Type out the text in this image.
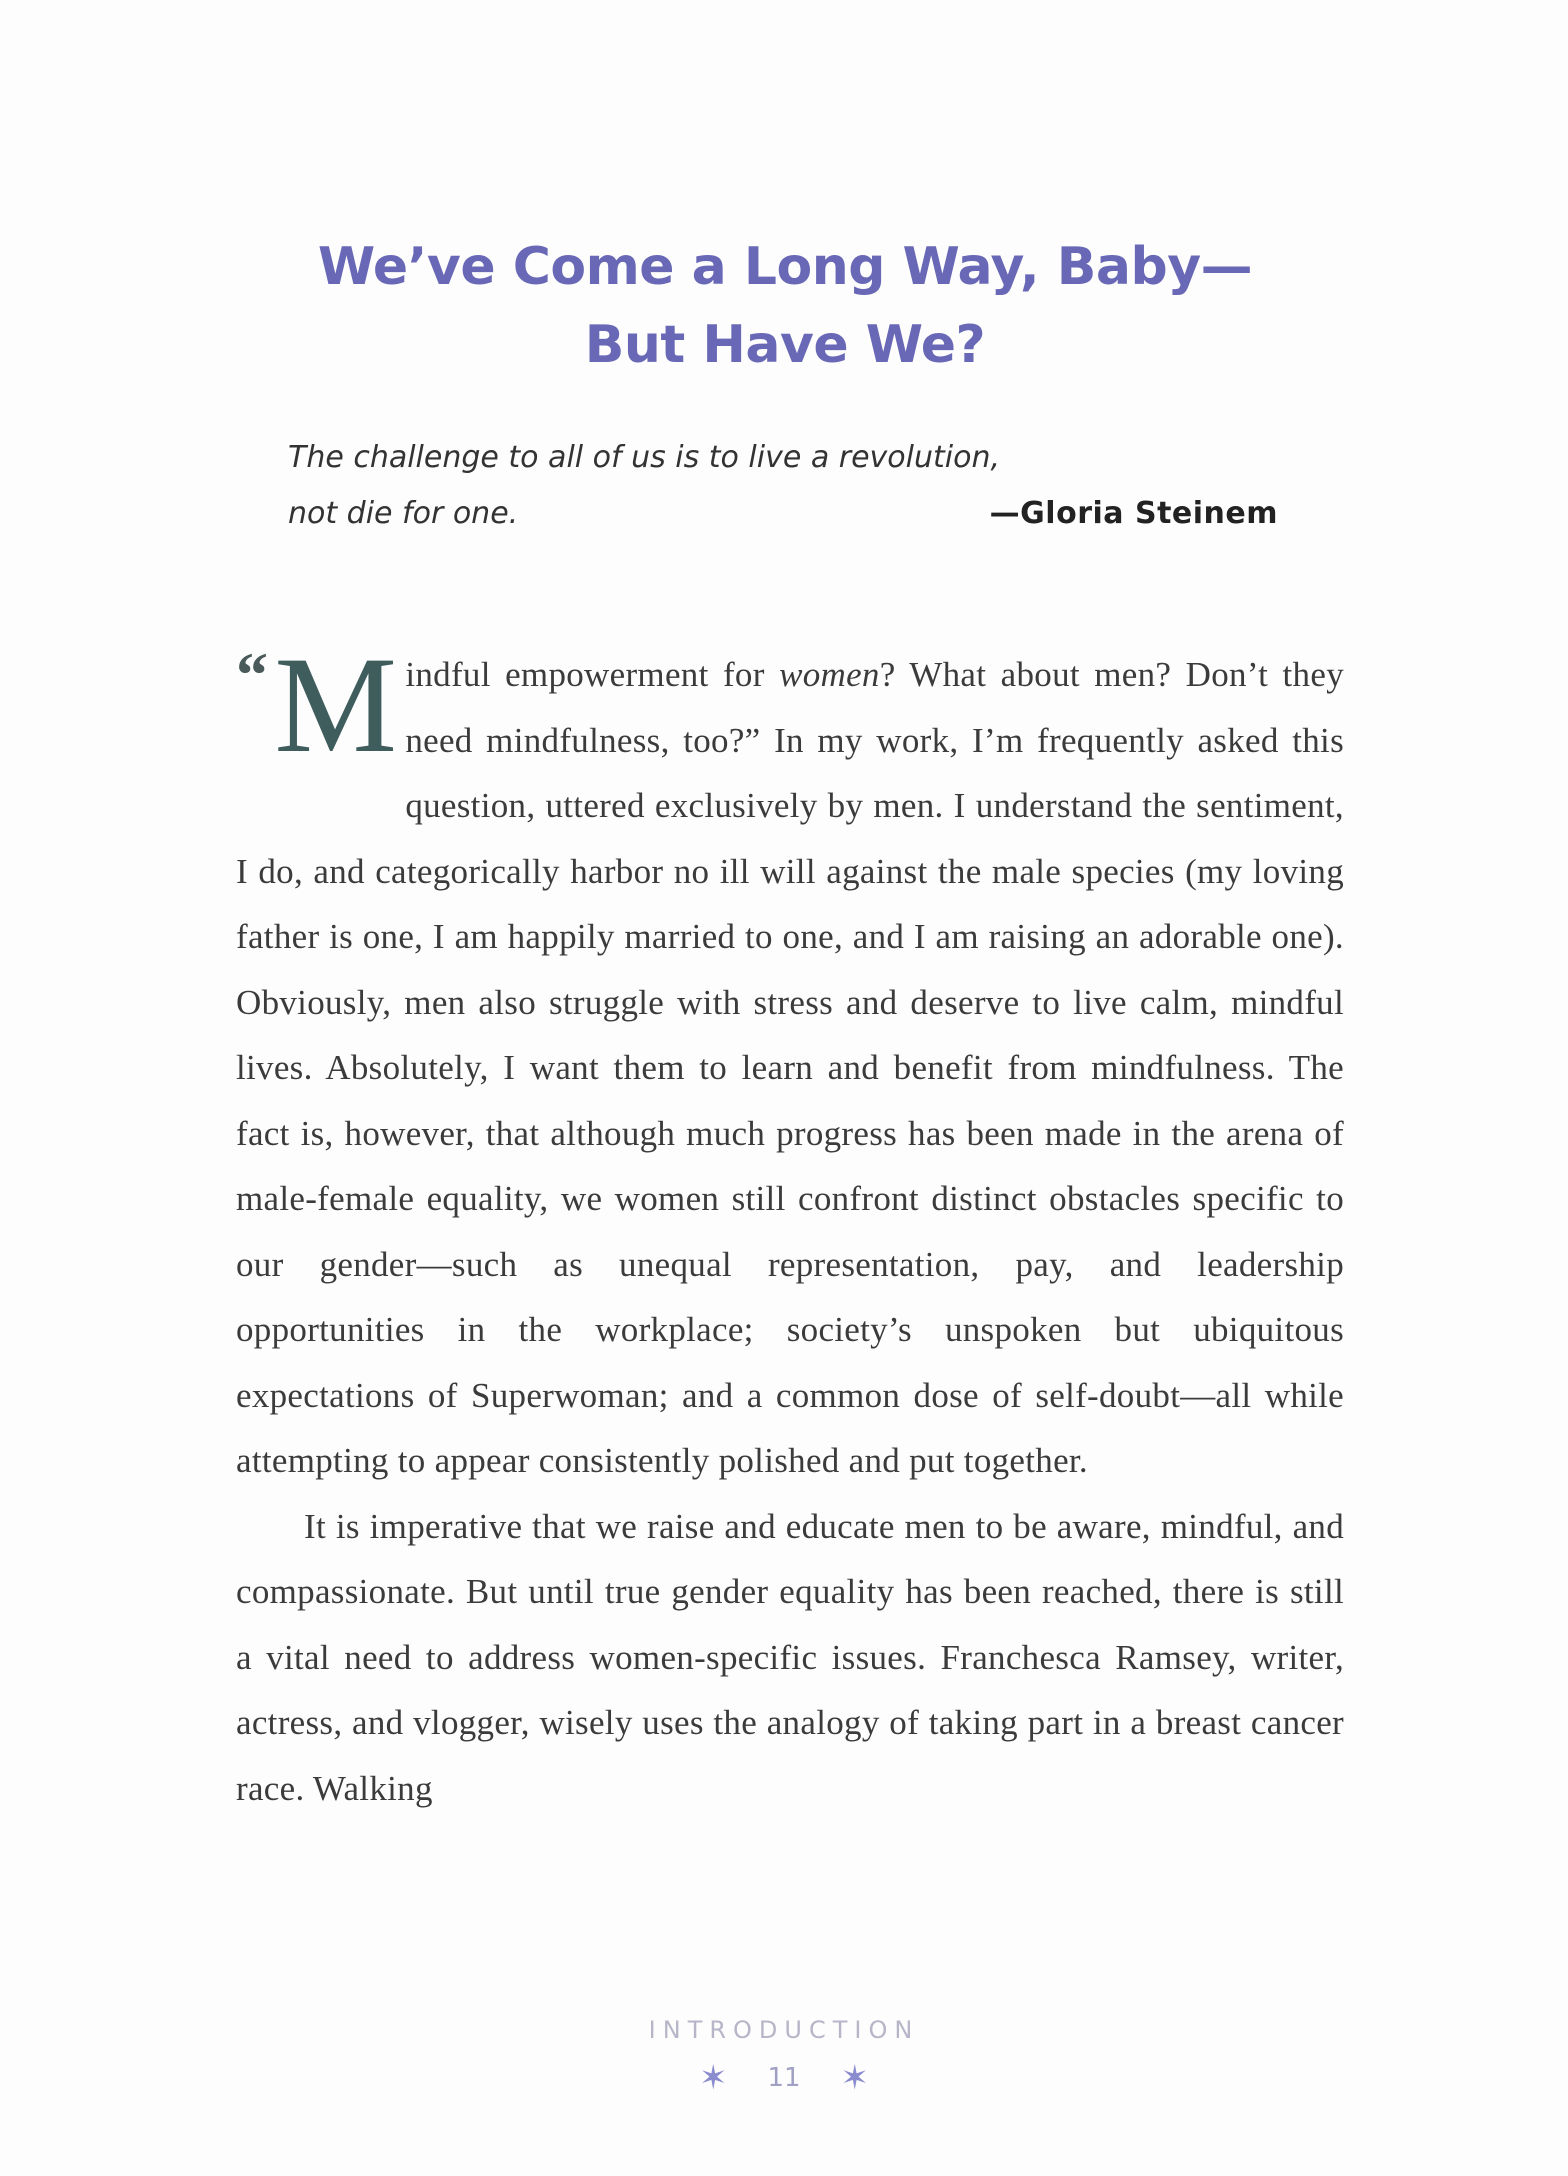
We’ve Come a Long Way, Baby—
But Have We?
The challenge to all of us is to live a revolution,
not die for one.	—Gloria Steinem

“M indful empowerment for women? What about men? Don’t they need mindfulness, too?” In my work, I’m frequently asked this question, uttered exclusively by men. I understand the sentiment, I do, and categorically harbor no ill will against the male species (my loving father is one, I am happily married to one, and I am raising an adorable one). Obviously, men also struggle with stress and deserve to live calm, mindful lives. Absolutely, I want them to learn and benefit from mindfulness. The fact is, however, that although much progress has been made in the arena of male-female equality, we women still confront distinct obstacles specific to our gender—such as unequal representation, pay, and leadership opportunities in the workplace; society’s unspoken but ubiquitous expectations of Superwoman; and a common dose of self-doubt—all while attempting to appear consistently polished and put together.

It is imperative that we raise and educate men to be aware, mindful, and compassionate. But until true gender equality has been reached, there is still a vital need to address women-specific issues. Franchesca Ramsey, writer, actress, and vlogger, wisely uses the analogy of taking part in a breast cancer race. Walking

INTRODUCTION
✶ 11 ✶
